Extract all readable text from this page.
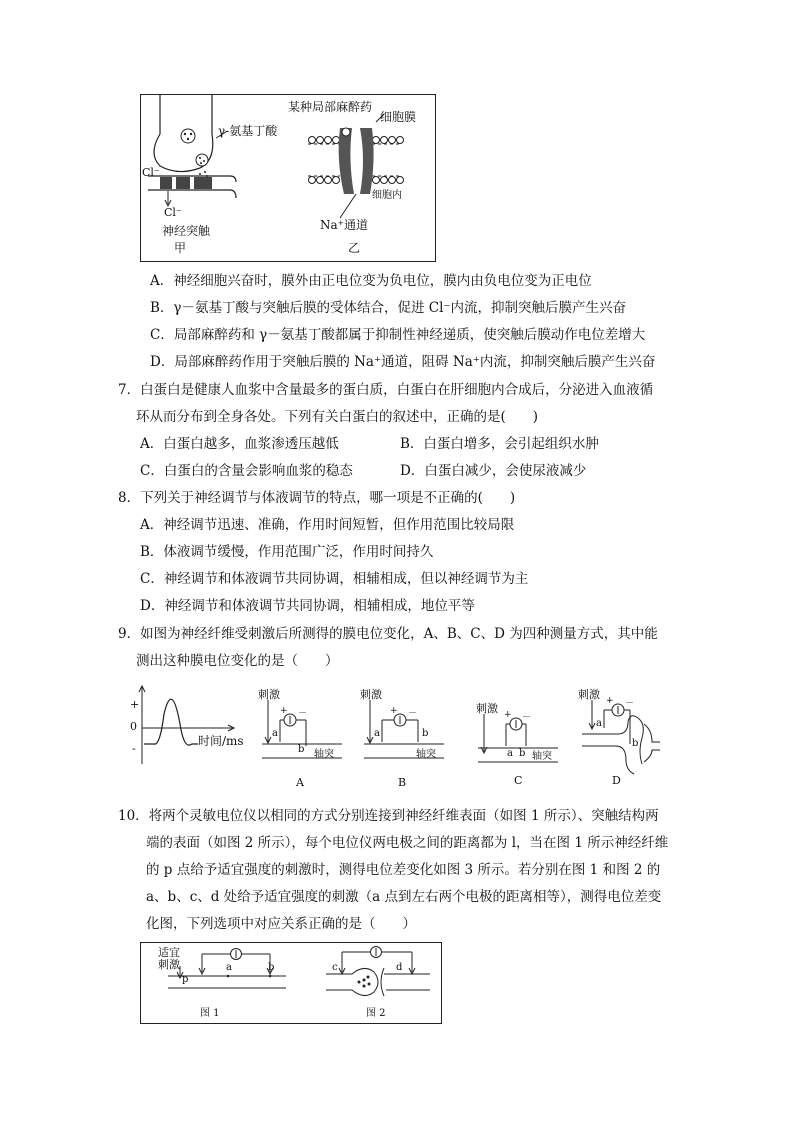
Cl⁻
Cl⁻
γ-氨基丁酸
神经突触
甲
某种局部麻醉药
细胞膜
细胞内
Na⁺通道
乙
A．神经细胞兴奋时，膜外由正电位变为负电位，膜内由负电位变为正电位
B．γ－氨基丁酸与突触后膜的受体结合，促进 Cl⁻内流，抑制突触后膜产生兴奋
C．局部麻醉药和 γ－氨基丁酸都属于抑制性神经递质，使突触后膜动作电位差增大
D．局部麻醉药作用于突触后膜的 Na⁺通道，阻碍 Na⁺内流，抑制突触后膜产生兴奋
7．白蛋白是健康人血浆中含量最多的蛋白质，白蛋白在肝细胞内合成后，分泌进入血液循
环从而分布到全身各处。下列有关白蛋白的叙述中，正确的是(　　)
A．白蛋白越多，血浆渗透压越低	B．白蛋白增多，会引起组织水肿
C．白蛋白的含量会影响血浆的稳态	D．白蛋白减少，会使尿液减少
8．下列关于神经调节与体液调节的特点，哪一项是不正确的(　　)
A．神经调节迅速、准确，作用时间短暂，但作用范围比较局限
B．体液调节缓慢，作用范围广泛，作用时间持久
C．神经调节和体液调节共同协调，相辅相成，但以神经调节为主
D．神经调节和体液调节共同协调，相辅相成，地位平等
9．如图为神经纤维受刺激后所测得的膜电位变化，A、B、C、D 为四种测量方式，其中能
测出这种膜电位变化的是（　　）
+
0
-
时间/ms
刺激
+ －
a
b 轴突
A
刺激
+ －
a	b
轴突
B
刺激 + －
a b 轴突
C
刺激 + －
a
b
D
10．将两个灵敏电位仪以相同的方式分别连接到神经纤维表面（如图 1 所示）、突触结构两
端的表面（如图 2 所示），每个电位仪两电极之间的距离都为 l，当在图 1 所示神经纤维
的 p 点给予适宜强度的刺激时，测得电位差变化如图 3 所示。若分别在图 1 和图 2 的
a、b、c、d 处给予适宜强度的刺激（a 点到左右两个电极的距离相等），测得电位差变
化图，下列选项中对应关系正确的是（　　）
适宜
刺激
p
a	b	c	d
图 1	图 2
